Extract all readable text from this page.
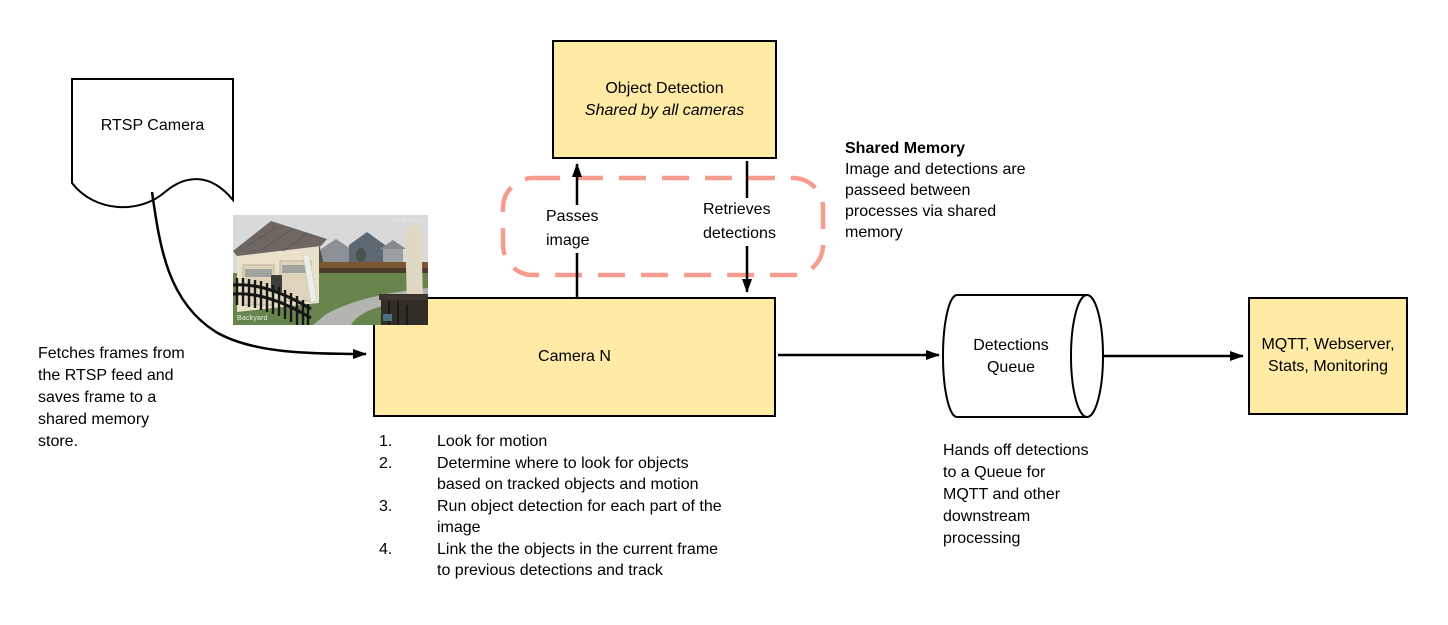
RTSP Camera
Camera N
Backyard
2019-03-06
Object Detection
Shared by all cameras
MQTT, Webserver,
Stats, Monitoring
Detections
Queue
Passes
image
Retrieves
detections
Shared Memory
Image and detections are
passeed between
processes via shared
memory
Fetches frames from
the RTSP feed and
saves frame to a
shared memory
store.
Hands off detections
to a Queue for
MQTT and other
downstream
processing
1.	Look for motion
2.	Determine where to look for objects
based on tracked objects and motion
3.	Run object detection for each part of the
image
4.	Link the the objects in the current frame
to previous detections and track
